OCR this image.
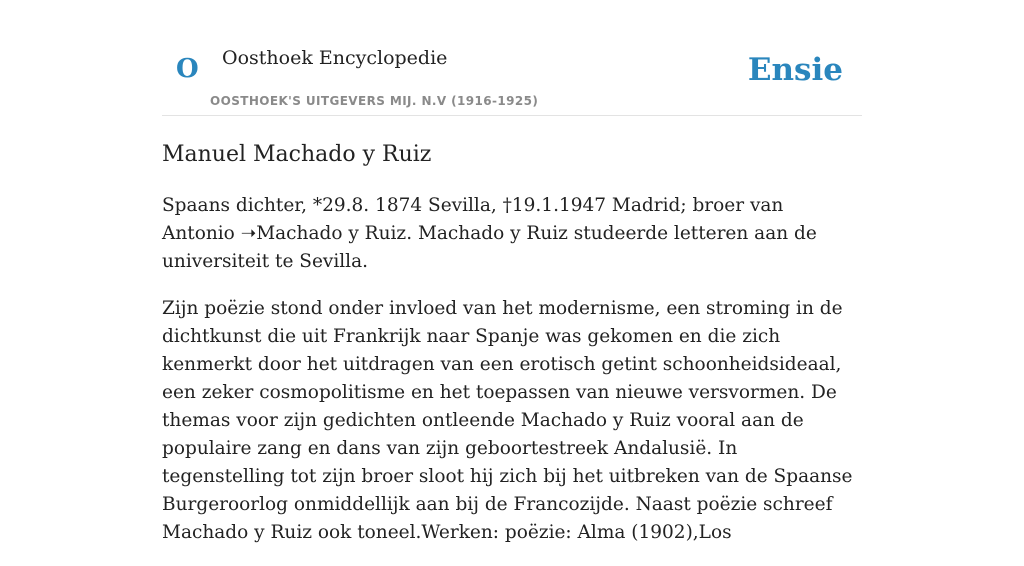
O Oosthoek Encyclopedie
OOSTHOEK'S UITGEVERS MIJ. N.V (1916-1925)
Ensie
Manuel Machado y Ruiz

Spaans dichter, *29.8. 1874 Sevilla, †19.1.1947 Madrid; broer van Antonio ➝Machado y Ruiz. Machado y Ruiz studeerde letteren aan de universiteit te Sevilla.

Zijn poëzie stond onder invloed van het modernisme, een stroming in de dichtkunst die uit Frankrijk naar Spanje was gekomen en die zich kenmerkt door het uitdragen van een erotisch getint schoonheidsideaal, een zeker cosmopolitisme en het toepassen van nieuwe versvormen. De themas voor zijn gedichten ontleende Machado y Ruiz vooral aan de populaire zang en dans van zijn geboortestreek Andalusië. In tegenstelling tot zijn broer sloot hij zich bij het uitbreken van de Spaanse Burgeroorlog onmiddellijk aan bij de Francozijde. Naast poëzie schreef Machado y Ruiz ook toneel.Werken: poëzie: Alma (1902),Los
